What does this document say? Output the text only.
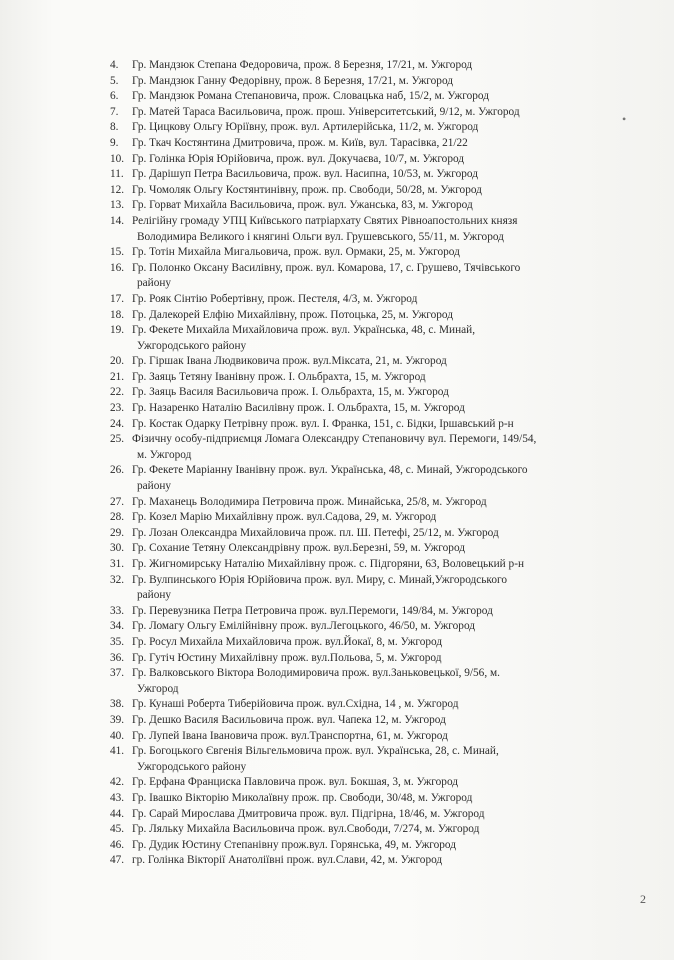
4. Гр. Мандзюк Степана Федоровича, прож. 8 Березня, 17/21, м. Ужгород
5. Гр. Мандзюк Ганну Федорівну, прож. 8 Березня, 17/21, м. Ужгород
6. Гр. Мандзюк Романа Степановича, прож. Словацька наб, 15/2, м. Ужгород
7. Гр. Матей Тараса Васильовича, прож. прош. Університетський, 9/12, м. Ужгород
8. Гр. Цицкову Ольгу Юріївну, прож. вул. Артилерійська, 11/2, м. Ужгород
9. Гр. Ткач Костянтина Дмитровича, прож. м. Київ, вул. Тарасівка, 21/22
10. Гр. Голінка Юрія Юрійовича, прож. вул. Докучаєва, 10/7, м. Ужгород
11. Гр. Дарішуп Петра Васильовича, прож. вул. Насипна, 10/53, м. Ужгород
12. Гр. Чомоляк Ольгу Костянтинівну, прож. пр. Свободи, 50/28, м. Ужгород
13. Гр. Горват Михайла Васильовича, прож. вул. Ужанська, 83, м. Ужгород
14. Релігійну громаду УПЦ Київського патріархату Святих Рівноапостольних князя
Володимира Великого і княгині Ольги вул. Грушевського, 55/11, м. Ужгород
15. Гр. Тотін Михайла Мигальовича, прож. вул. Ормаки, 25, м. Ужгород
16. Гр. Полонко Оксану Василівну, прож. вул. Комарова, 17, с. Грушево, Тячівського
району
17. Гр. Рояк Сінтію Робертівну, прож. Пестеля, 4/3, м. Ужгород
18. Гр. Далекорей Елфію Михайлівну, прож. Потоцька, 25, м. Ужгород
19. Гр. Фекете Михайла Михайловича прож. вул. Українська, 48, с. Минай,
Ужгородського району
20. Гр. Гіршак Івана Людвиковича прож. вул.Міксата, 21, м. Ужгород
21. Гр. Заяць Тетяну Іванівну прож. І. Ольбрахта, 15, м. Ужгород
22. Гр. Заяць Василя Васильовича прож. І. Ольбрахта, 15, м. Ужгород
23. Гр. Назаренко Наталію Василівну прож. І. Ольбрахта, 15, м. Ужгород
24. Гр. Костак Одарку Петрівну прож. вул. І. Франка, 151, с. Бідки, Іршавський р-н
25. Фізичну особу-підприємця Ломага Олександру Степановичу вул. Перемоги, 149/54,
м. Ужгород
26. Гр. Фекете Маріанну Іванівну прож. вул. Українська, 48, с. Минай, Ужгородського
району
27. Гр. Маханець Володимира Петровича прож. Минайська, 25/8, м. Ужгород
28. Гр. Козел Марію Михайлівну прож. вул.Садова, 29, м. Ужгород
29. Гр. Лозан Олександра Михайловича прож. пл. Ш. Петефі, 25/12, м. Ужгород
30. Гр. Сохание Тетяну Олександрівну прож. вул.Березні, 59, м. Ужгород
31. Гр. Жигномирську Наталію Михайлівну прож. с. Підгоряни, 63, Воловецький р-н
32. Гр. Вулпинського Юрія Юрійовича прож. вул. Миру, с. Минай,Ужгородського
району
33. Гр. Перевузника Петра Петровича прож. вул.Перемоги, 149/84, м. Ужгород
34. Гр. Ломагу Ольгу Емілійнівну прож. вул.Легоцького, 46/50, м. Ужгород
35. Гр. Росул Михайла Михайловича прож. вул.Йокаї, 8, м. Ужгород
36. Гр. Гутіч Юстину Михайлівну прож. вул.Польова, 5, м. Ужгород
37. Гр. Валковського Віктора Володимировича прож. вул.Заньковецької, 9/56, м.
Ужгород
38. Гр. Кунаші Роберта Тиберійовича прож. вул.Східна, 14 , м. Ужгород
39. Гр. Дешко Василя Васильовича прож. вул. Чапека 12, м. Ужгород
40. Гр. Лупей Івана Івановича прож. вул.Транспортна, 61, м. Ужгород
41. Гр. Богоцького Євгенія Вільгельмовича прож. вул. Українська, 28, с. Минай,
Ужгородського району
42. Гр. Ерфана Франциска Павловича прож. вул. Бокшая, 3, м. Ужгород
43. Гр. Івашко Вікторію Миколаївну прож. пр. Свободи, 30/48, м. Ужгород
44. Гр. Сарай Мирослава Дмитровича прож. вул. Підгірна, 18/46, м. Ужгород
45. Гр. Ляльку Михайла Васильовича прож. вул.Свободи, 7/274, м. Ужгород
46. Гр. Дудик Юстину Степанівну прож.вул. Горянська, 49, м. Ужгород
47. гр. Голінка Вікторії Анатоліївні прож. вул.Слави, 42, м. Ужгород
•
2
